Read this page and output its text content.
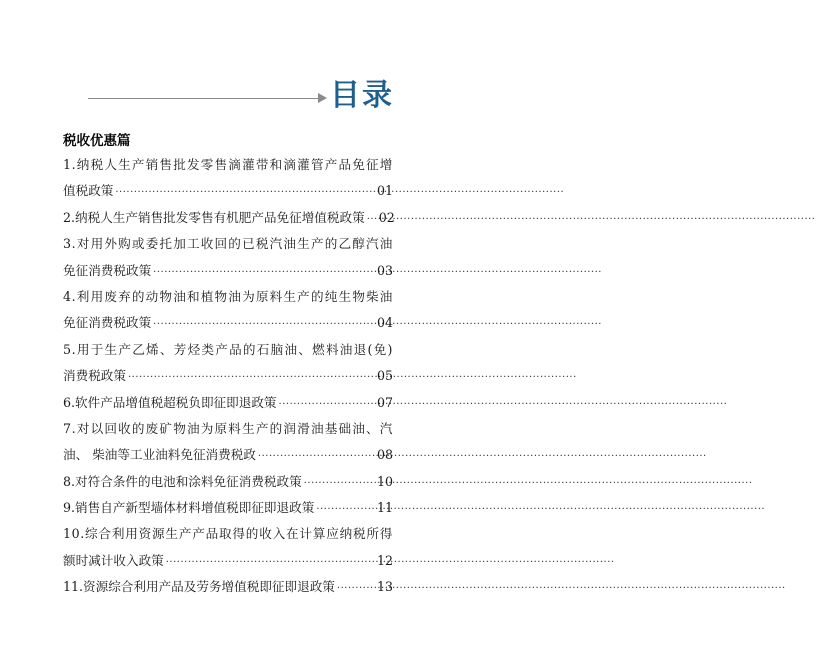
目录
税收优惠篇
1.纳税人生产销售批发零售滴灌带和滴灌管产品免征增
值税政策 ·····	01
2.纳税人生产销售批发零售有机肥产品免征增值税政策 ····· 02
3.对用外购或委托加工收回的已税汽油生产的乙醇汽油
免征消费税政策 ·····	03
4.利用废弃的动物油和植物油为原料生产的纯生物柴油
免征消费税政策 ·····	04
5.用于生产乙烯、芳烃类产品的石脑油、燃料油退(免)
消费税政策 ·····	05
6.软件产品增值税超税负即征即退政策 ·····	07
7.对以回收的废矿物油为原料生产的润滑油基础油、汽
油、 柴油等工业油料免征消费税政 ·····	08
8.对符合条件的电池和涂料免征消费税政策 ·····	10
9.销售自产新型墙体材料增值税即征即退政策 ·····	11
10.综合利用资源生产产品取得的收入在计算应纳税所得
额时减计收入政策 ·····	12
11.资源综合利用产品及劳务增值税即征即退政策 ·····	13
